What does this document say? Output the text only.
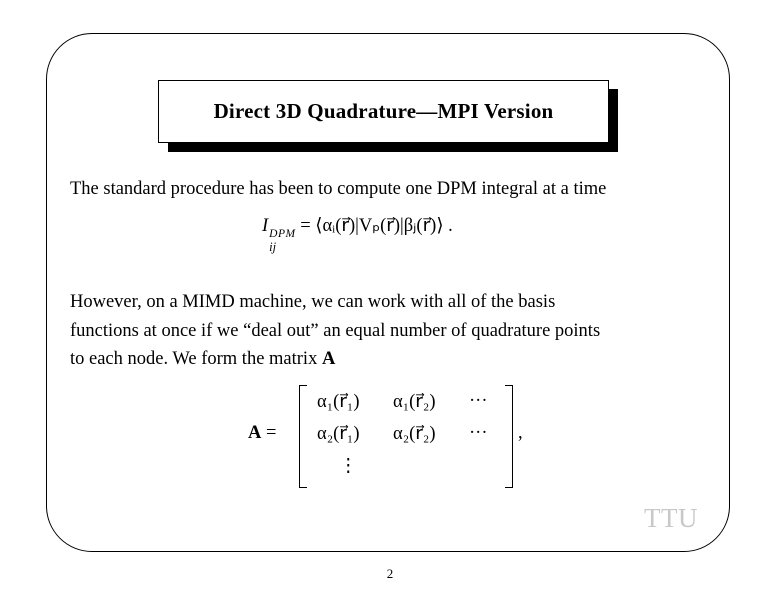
Direct 3D Quadrature—MPI Version
The standard procedure has been to compute one DPM integral at a time
I DPM
ij
= ⟨αᵢ(r⃗)|Vₚ(r⃗)|βⱼ(r⃗)⟩ .
However, on a MIMD machine, we can work with all of the basis
functions at once if we “deal out” an equal number of quadrature points
to each node. We form the matrix A
A =
α₁(r⃗₁) α₁(r⃗₂) ···
α₂(r⃗₁) α₂(r⃗₂) ···
⋮
,
TTU
2
